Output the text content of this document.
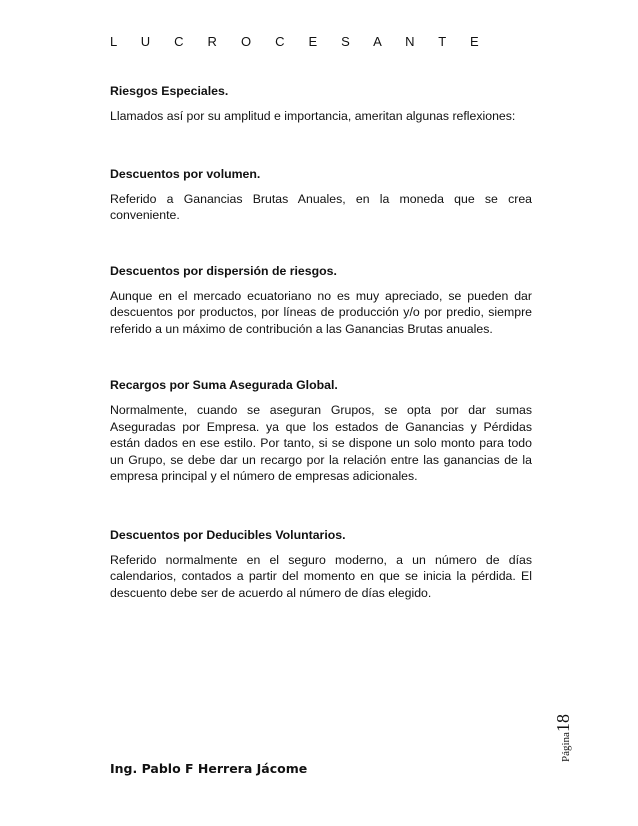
L U C R O C E S A N T E

Riesgos Especiales.

Llamados así por su amplitud e importancia, ameritan algunas reflexiones:

Descuentos por volumen.

Referido a Ganancias Brutas Anuales, en la moneda que se crea conveniente.

Descuentos por dispersión de riesgos.

Aunque en el mercado ecuatoriano no es muy apreciado, se pueden dar descuentos por productos, por líneas de producción y/o por predio, siempre referido a un máximo de contribución a las Ganancias Brutas anuales.

Recargos por Suma Asegurada Global.

Normalmente, cuando se aseguran Grupos, se opta por dar sumas Aseguradas por Empresa. ya que los estados de Ganancias y Pérdidas están dados en ese estilo. Por tanto, si se dispone un solo monto para todo un Grupo, se debe dar un recargo por la relación entre las ganancias de la empresa principal y el número de empresas adicionales.

Descuentos por Deducibles Voluntarios.

Referido normalmente en el seguro moderno, a un número de días calendarios, contados a partir del momento en que se inicia la pérdida. El descuento debe ser de acuerdo al número de días elegido.

Página18
Ing. Pablo F Herrera Jácome
